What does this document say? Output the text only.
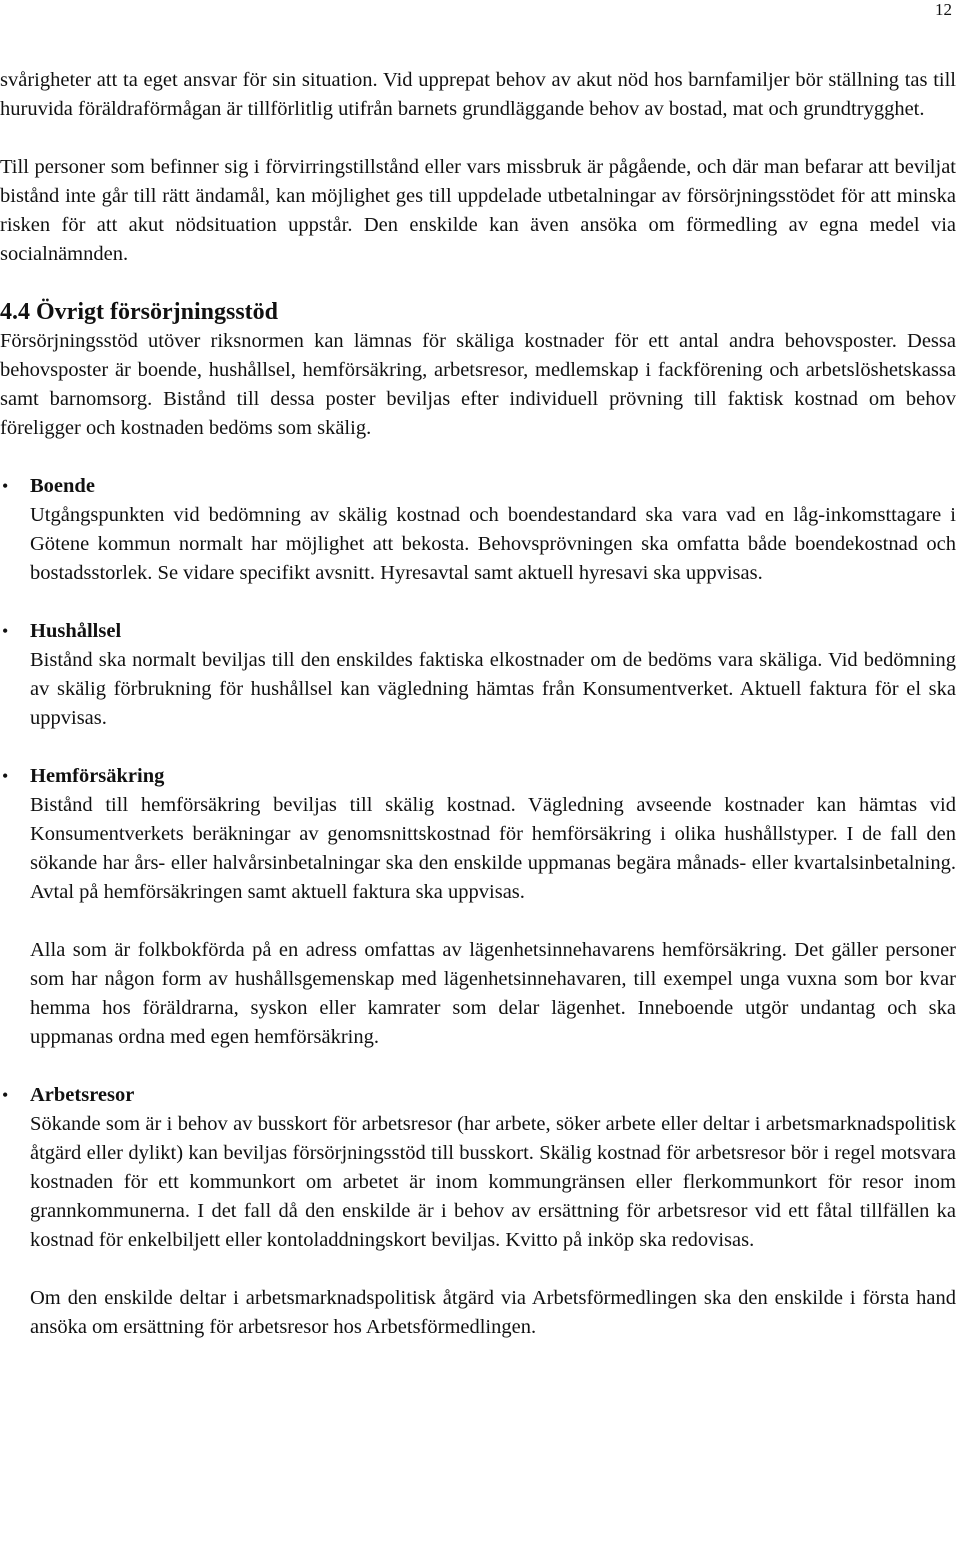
12

svårigheter att ta eget ansvar för sin situation. Vid upprepat behov av akut nöd hos barnfamiljer bör ställning tas till huruvida föräldraförmågan är tillförlitlig utifrån barnets grundläggande behov av bostad, mat och grundtrygghet.

Till personer som befinner sig i förvirringstillstånd eller vars missbruk är pågående, och där man befarar att beviljat bistånd inte går till rätt ändamål, kan möjlighet ges till uppdelade utbetalningar av försörjningsstödet för att minska risken för att akut nödsituation uppstår. Den enskilde kan även ansöka om förmedling av egna medel via socialnämnden.

4.4 Övrigt försörjningsstöd

Försörjningsstöd utöver riksnormen kan lämnas för skäliga kostnader för ett antal andra behovsposter. Dessa behovsposter är boende, hushållsel, hemförsäkring, arbetsresor, medlemskap i fackförening och arbetslöshetskassa samt barnomsorg. Bistånd till dessa poster beviljas efter individuell prövning till faktisk kostnad om behov föreligger och kostnaden bedöms som skälig.

• Boende

Utgångspunkten vid bedömning av skälig kostnad och boendestandard ska vara vad en låg-inkomsttagare i Götene kommun normalt har möjlighet att bekosta. Behovsprövningen ska omfatta både boendekostnad och bostadsstorlek. Se vidare specifikt avsnitt. Hyresavtal samt aktuell hyresavi ska uppvisas.

• Hushållsel

Bistånd ska normalt beviljas till den enskildes faktiska elkostnader om de bedöms vara skäliga. Vid bedömning av skälig förbrukning för hushållsel kan vägledning hämtas från Konsumentverket. Aktuell faktura för el ska uppvisas.

• Hemförsäkring

Bistånd till hemförsäkring beviljas till skälig kostnad. Vägledning avseende kostnader kan hämtas vid Konsumentverkets beräkningar av genomsnittskostnad för hemförsäkring i olika hushållstyper. I de fall den sökande har års- eller halvårsinbetalningar ska den enskilde uppmanas begära månads- eller kvartalsinbetalning. Avtal på hemförsäkringen samt aktuell faktura ska uppvisas.

Alla som är folkbokförda på en adress omfattas av lägenhetsinnehavarens hemförsäkring. Det gäller personer som har någon form av hushållsgemenskap med lägenhetsinnehavaren, till exempel unga vuxna som bor kvar hemma hos föräldrarna, syskon eller kamrater som delar lägenhet. Inneboende utgör undantag och ska uppmanas ordna med egen hemförsäkring.

• Arbetsresor

Sökande som är i behov av busskort för arbetsresor (har arbete, söker arbete eller deltar i arbetsmarknadspolitisk åtgärd eller dylikt) kan beviljas försörjningsstöd till busskort. Skälig kostnad för arbetsresor bör i regel motsvara kostnaden för ett kommunkort om arbetet är inom kommungränsen eller flerkommunkort för resor inom grannkommunerna. I det fall då den enskilde är i behov av ersättning för arbetsresor vid ett fåtal tillfällen ka kostnad för enkelbiljett eller kontoladdningskort beviljas. Kvitto på inköp ska redovisas.

Om den enskilde deltar i arbetsmarknadspolitisk åtgärd via Arbetsförmedlingen ska den enskilde i första hand ansöka om ersättning för arbetsresor hos Arbetsförmedlingen.
